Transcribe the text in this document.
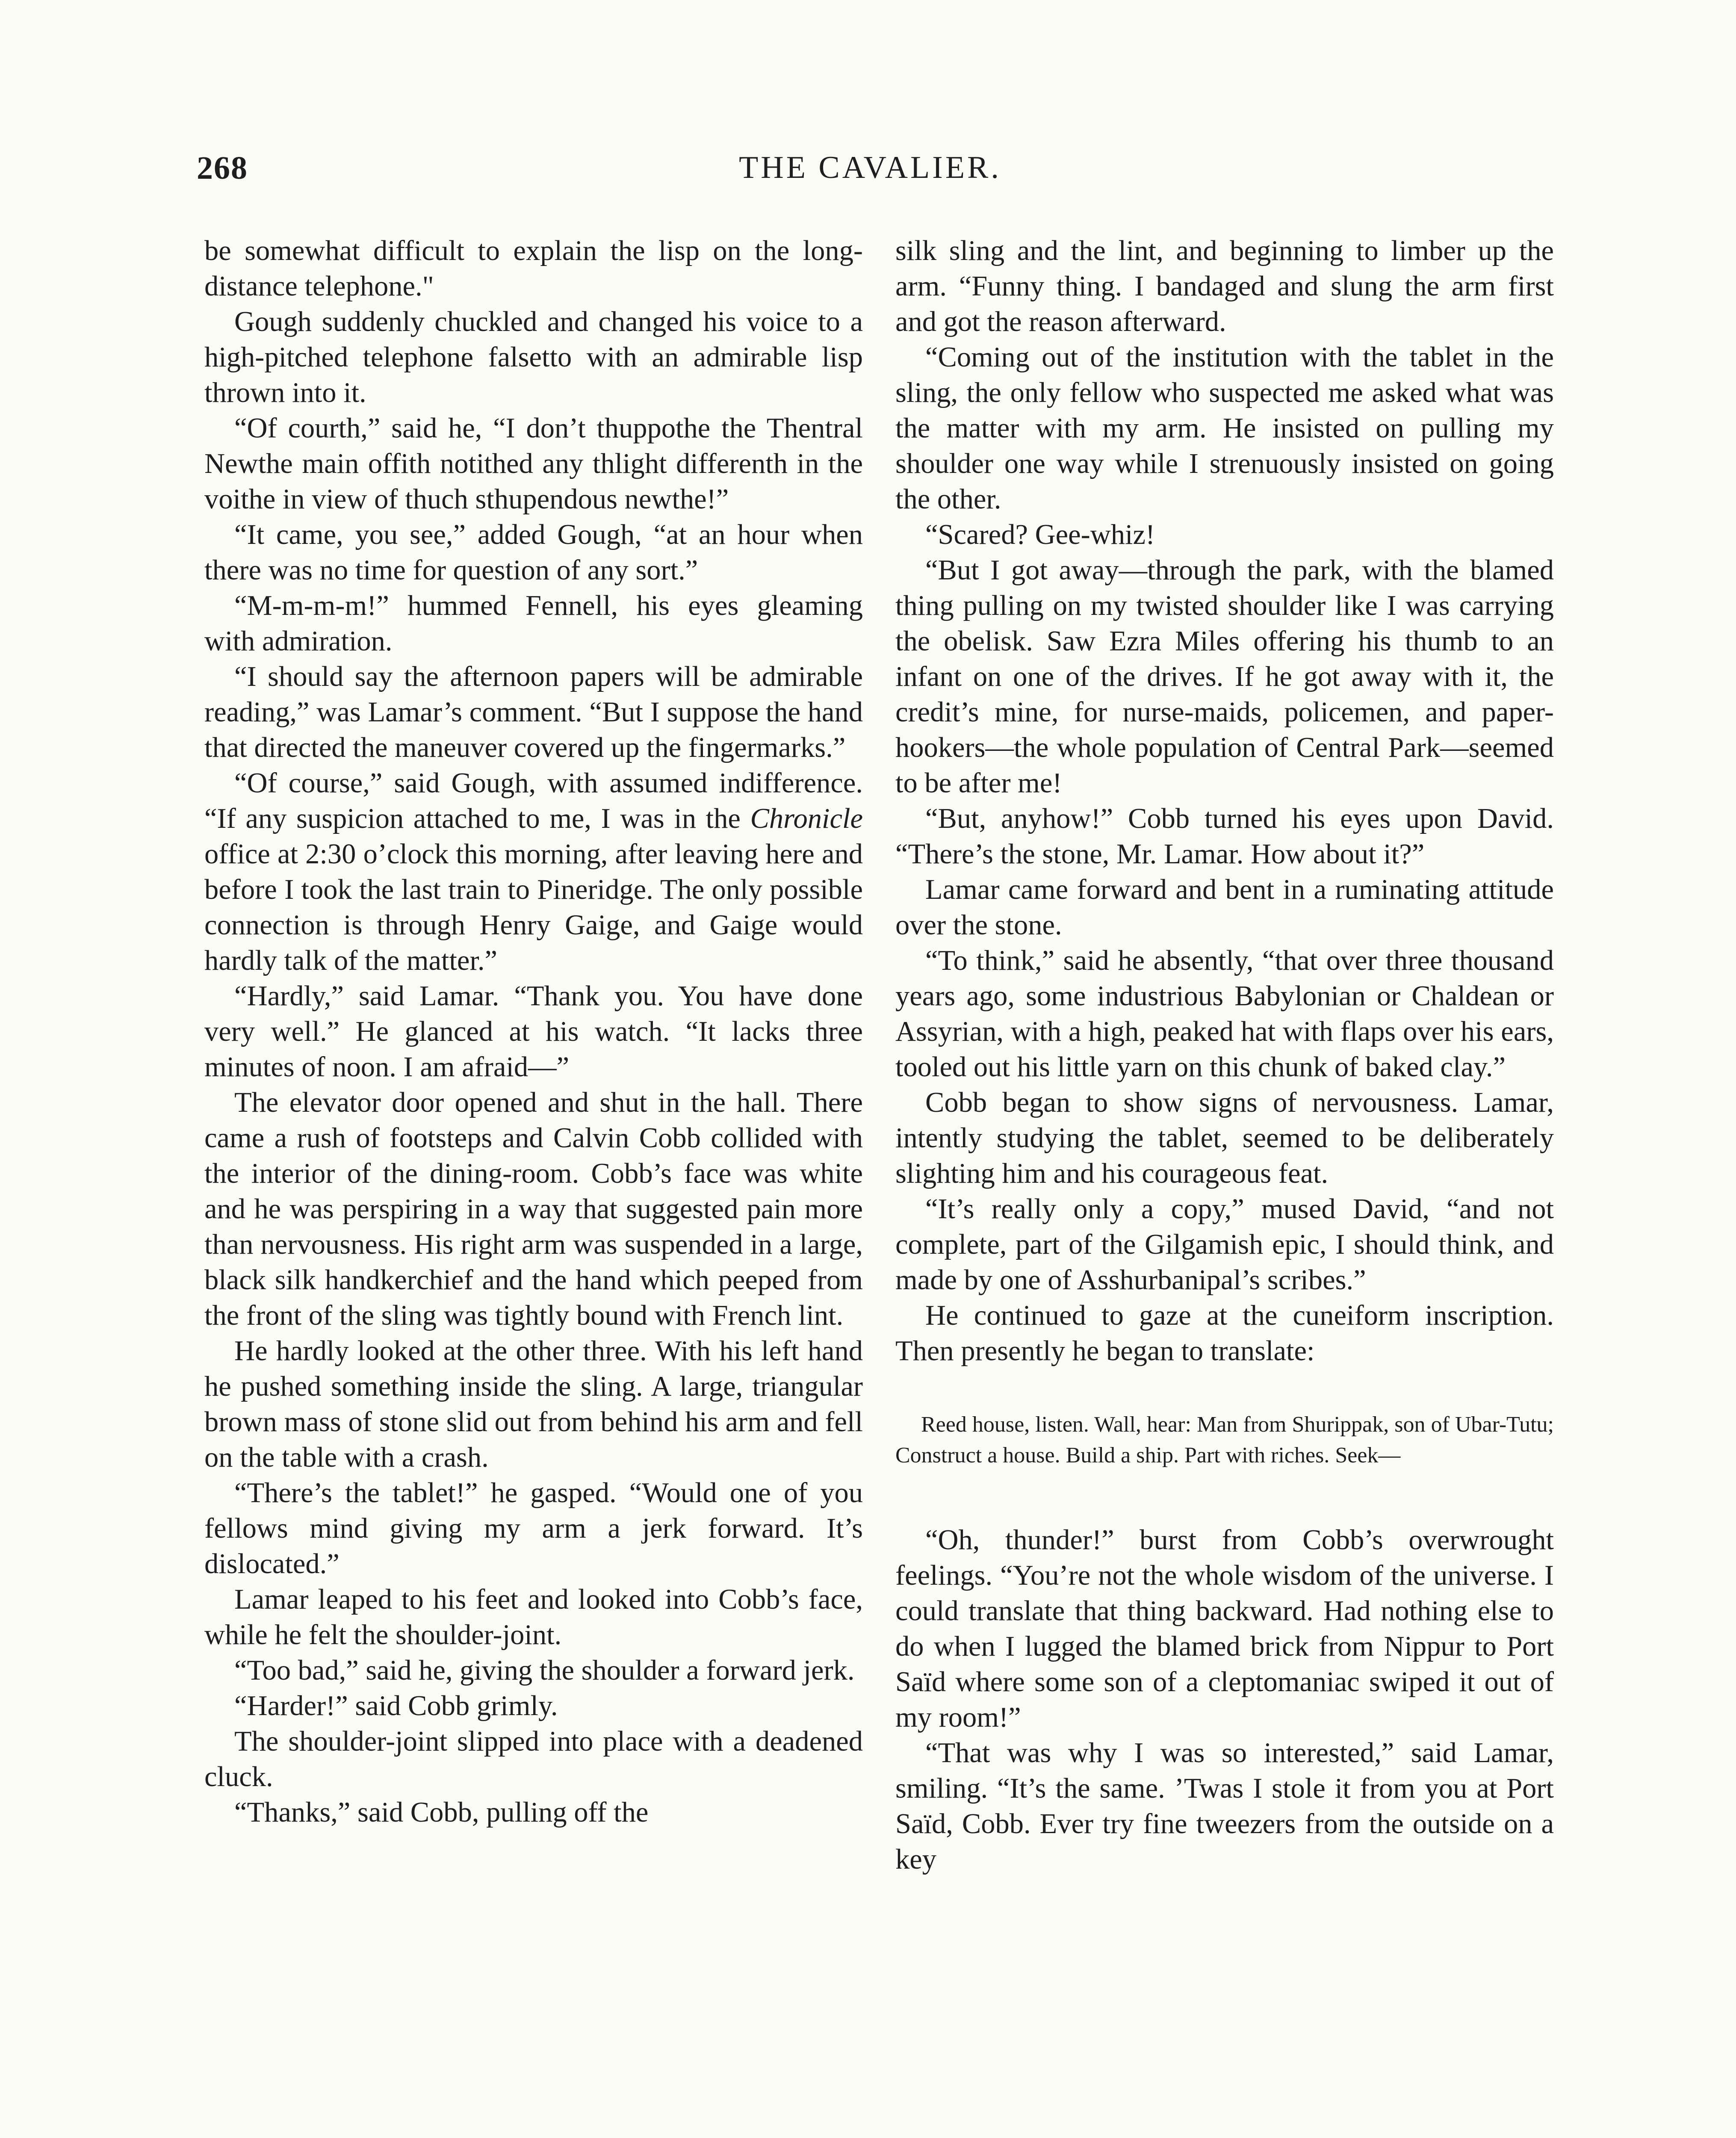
268	THE CAVALIER.

be somewhat difficult to explain the lisp on the long-distance telephone."

Gough suddenly chuckled and changed his voice to a high-pitched telephone falsetto with an admirable lisp thrown into it.

“Of courth,” said he, “I don’t thuppothe the Thentral Newthe main offith notithed any thlight differenth in the voithe in view of thuch sthupendous newthe!”

“It came, you see,” added Gough, “at an hour when there was no time for question of any sort.”

“M-m-m-m!” hummed Fennell, his eyes gleaming with admiration.

“I should say the afternoon papers will be admirable reading,” was Lamar’s comment. “But I suppose the hand that directed the maneuver covered up the fingermarks.”

“Of course,” said Gough, with assumed indifference. “If any suspicion attached to me, I was in the Chronicle office at 2:30 o’clock this morning, after leaving here and before I took the last train to Pineridge. The only possible connection is through Henry Gaige, and Gaige would hardly talk of the matter.”

“Hardly,” said Lamar. “Thank you. You have done very well.” He glanced at his watch. “It lacks three minutes of noon. I am afraid—”

The elevator door opened and shut in the hall. There came a rush of footsteps and Calvin Cobb collided with the interior of the dining-room. Cobb’s face was white and he was perspiring in a way that suggested pain more than nervousness. His right arm was suspended in a large, black silk handkerchief and the hand which peeped from the front of the sling was tightly bound with French lint.

He hardly looked at the other three. With his left hand he pushed something inside the sling. A large, triangular brown mass of stone slid out from behind his arm and fell on the table with a crash.

“There’s the tablet!” he gasped. “Would one of you fellows mind giving my arm a jerk forward. It’s dislocated.”

Lamar leaped to his feet and looked into Cobb’s face, while he felt the shoulder-joint.

“Too bad,” said he, giving the shoulder a forward jerk.

“Harder!” said Cobb grimly.

The shoulder-joint slipped into place with a deadened cluck.

“Thanks,” said Cobb, pulling off the

silk sling and the lint, and beginning to limber up the arm. “Funny thing. I bandaged and slung the arm first and got the reason afterward.

“Coming out of the institution with the tablet in the sling, the only fellow who suspected me asked what was the matter with my arm. He insisted on pulling my shoulder one way while I strenuously insisted on going the other.

“Scared? Gee-whiz!

“But I got away—through the park, with the blamed thing pulling on my twisted shoulder like I was carrying the obelisk. Saw Ezra Miles offering his thumb to an infant on one of the drives. If he got away with it, the credit’s mine, for nurse-maids, policemen, and paper-hookers—the whole population of Central Park—seemed to be after me!

“But, anyhow!” Cobb turned his eyes upon David. “There’s the stone, Mr. Lamar. How about it?”

Lamar came forward and bent in a ruminating attitude over the stone.

“To think,” said he absently, “that over three thousand years ago, some industrious Babylonian or Chaldean or Assyrian, with a high, peaked hat with flaps over his ears, tooled out his little yarn on this chunk of baked clay.”

Cobb began to show signs of nervousness. Lamar, intently studying the tablet, seemed to be deliberately slighting him and his courageous feat.

“It’s really only a copy,” mused David, “and not complete, part of the Gilgamish epic, I should think, and made by one of Asshurbanipal’s scribes.”

He continued to gaze at the cuneiform inscription. Then presently he began to translate:

Reed house, listen. Wall, hear: Man from Shurippak, son of Ubar-Tutu; Construct a house. Build a ship. Part with riches. Seek—

“Oh, thunder!” burst from Cobb’s overwrought feelings. “You’re not the whole wisdom of the universe. I could translate that thing backward. Had nothing else to do when I lugged the blamed brick from Nippur to Port Saïd where some son of a cleptomaniac swiped it out of my room!”

“That was why I was so interested,” said Lamar, smiling. “It’s the same. ’Twas I stole it from you at Port Saïd, Cobb. Ever try fine tweezers from the outside on a key
